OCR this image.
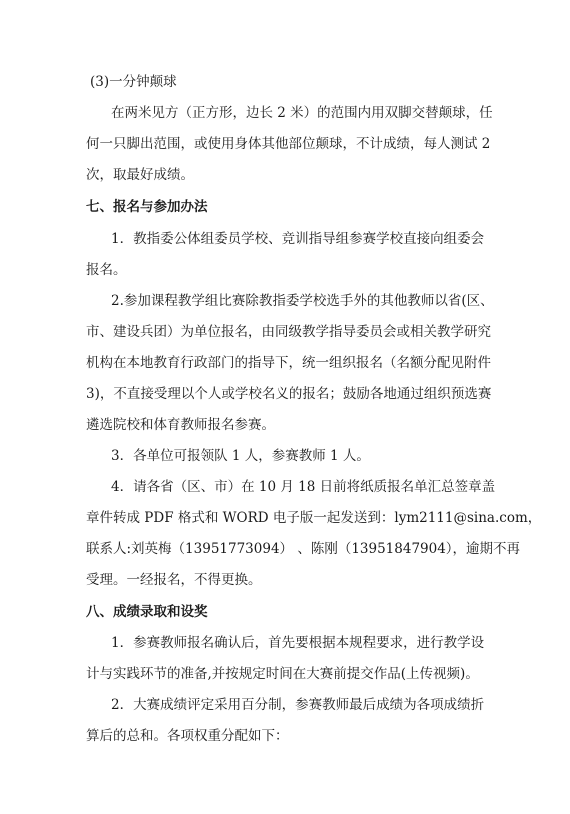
(3)一分钟颠球
在两米见方（正方形，边长 2 米）的范围内用双脚交替颠球，任
何一只脚出范围，或使用身体其他部位颠球，不计成绩，每人测试 2
次，取最好成绩。
七、报名与参加办法
1．教指委公体组委员学校、竞训指导组参赛学校直接向组委会
报名。
2.参加课程教学组比赛除教指委学校选手外的其他教师以省(区、
市、建设兵团）为单位报名，由同级教学指导委员会或相关教学研究
机构在本地教育行政部门的指导下，统一组织报名（名额分配见附件
3)，不直接受理以个人或学校名义的报名；鼓励各地通过组织预选赛
遴选院校和体育教师报名参赛。
3．各单位可报领队 1 人，参赛教师 1 人。
4．请各省（区、市）在 10 月 18 日前将纸质报名单汇总签章盖
章件转成 PDF 格式和 WORD 电子版一起发送到：lym2111@sina.com，
联系人:刘英梅（13951773094） 、陈刚（13951847904），逾期不再
受理。一经报名，不得更换。
八、成绩录取和设奖
1．参赛教师报名确认后，首先要根据本规程要求，进行教学设
计与实践环节的准备,并按规定时间在大赛前提交作品(上传视频)。
2．大赛成绩评定采用百分制，参赛教师最后成绩为各项成绩折
算后的总和。各项权重分配如下：
